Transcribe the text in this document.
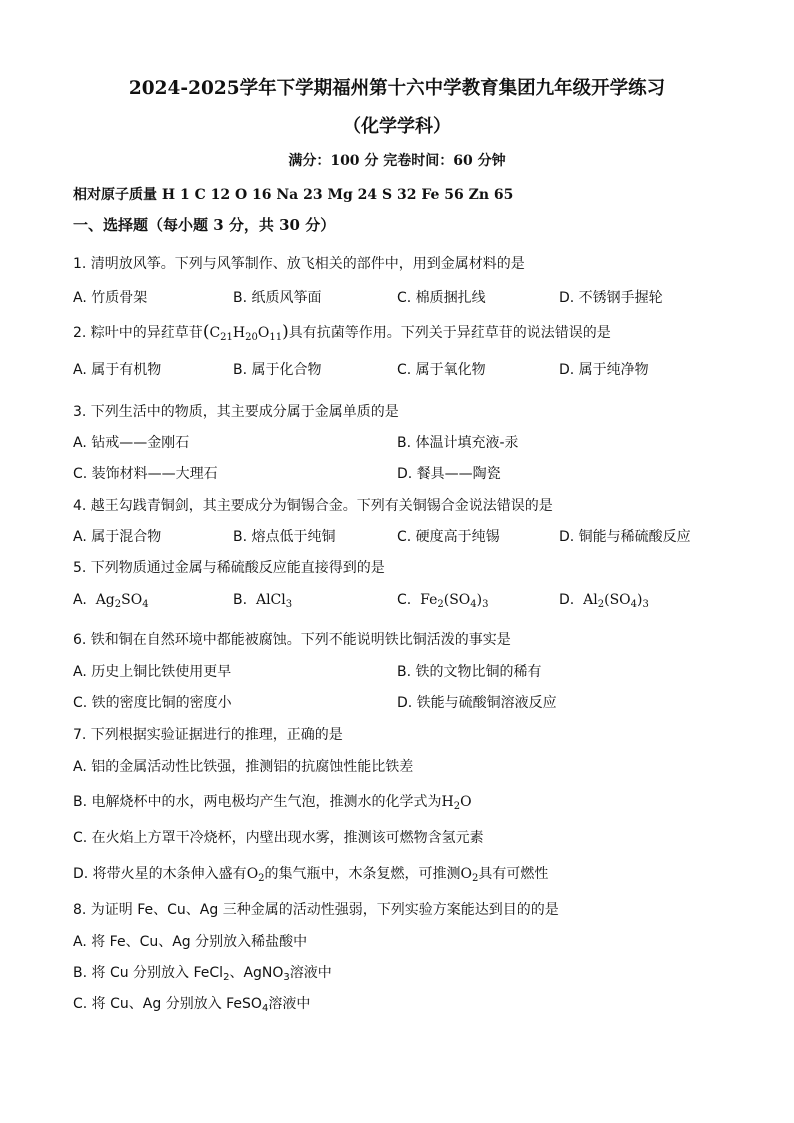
2024-2025学年下学期福州第十六中学教育集团九年级开学练习
（化学学科）
满分：100 分 完卷时间：60 分钟
相对原子质量 H 1 C 12 O 16 Na 23 Mg 24 S 32 Fe 56 Zn 65
一、选择题（每小题 3 分，共 30 分）
1. 清明放风筝。下列与风筝制作、放飞相关的部件中，用到金属材料的是
A. 竹质骨架	B. 纸质风筝面	C. 棉质捆扎线	D. 不锈钢手握轮
2. 粽叶中的异荭草苷$(C_{21}H_{20}O_{11})$具有抗菌等作用。下列关于异荭草苷的说法错误的是
A. 属于有机物	B. 属于化合物	C. 属于氧化物	D. 属于纯净物
3. 下列生活中的物质，其主要成分属于金属单质的是
A. 钻戒——金刚石	B. 体温计填充液-汞
C. 装饰材料——大理石	D. 餐具——陶瓷
4. 越王勾践青铜剑，其主要成分为铜锡合金。下列有关铜锡合金说法错误的是
A. 属于混合物	B. 熔点低于纯铜	C. 硬度高于纯锡	D. 铜能与稀硫酸反应
5. 下列物质通过金属与稀硫酸反应能直接得到的是
A. $Ag_2SO_4$	B. AlCl$_3$	C. $Fe_2(SO_4)_3$	D. $Al_2(SO_4)_3$
6. 铁和铜在自然环境中都能被腐蚀。下列不能说明铁比铜活泼的事实是
A. 历史上铜比铁使用更早	B. 铁的文物比铜的稀有
C. 铁的密度比铜的密度小	D. 铁能与硫酸铜溶液反应
7. 下列根据实验证据进行的推理，正确的是
A. 铝的金属活动性比铁强，推测铝的抗腐蚀性能比铁差
B. 电解烧杯中的水，两电极均产生气泡，推测水的化学式为$H_2O$
C. 在火焰上方罩干冷烧杯，内壁出现水雾，推测该可燃物含氢元素
D. 将带火星的木条伸入盛有$O_2$的集气瓶中，木条复燃，可推测$O_2$具有可燃性
8. 为证明 Fe、Cu、Ag 三种金属的活动性强弱，下列实验方案能达到目的的是
A. 将 Fe、Cu、Ag 分别放入稀盐酸中
B. 将 Cu 分别放入 FeCl$_2$、AgNO$_3$溶液中
C. 将 Cu、Ag 分别放入 FeSO$_4$溶液中
